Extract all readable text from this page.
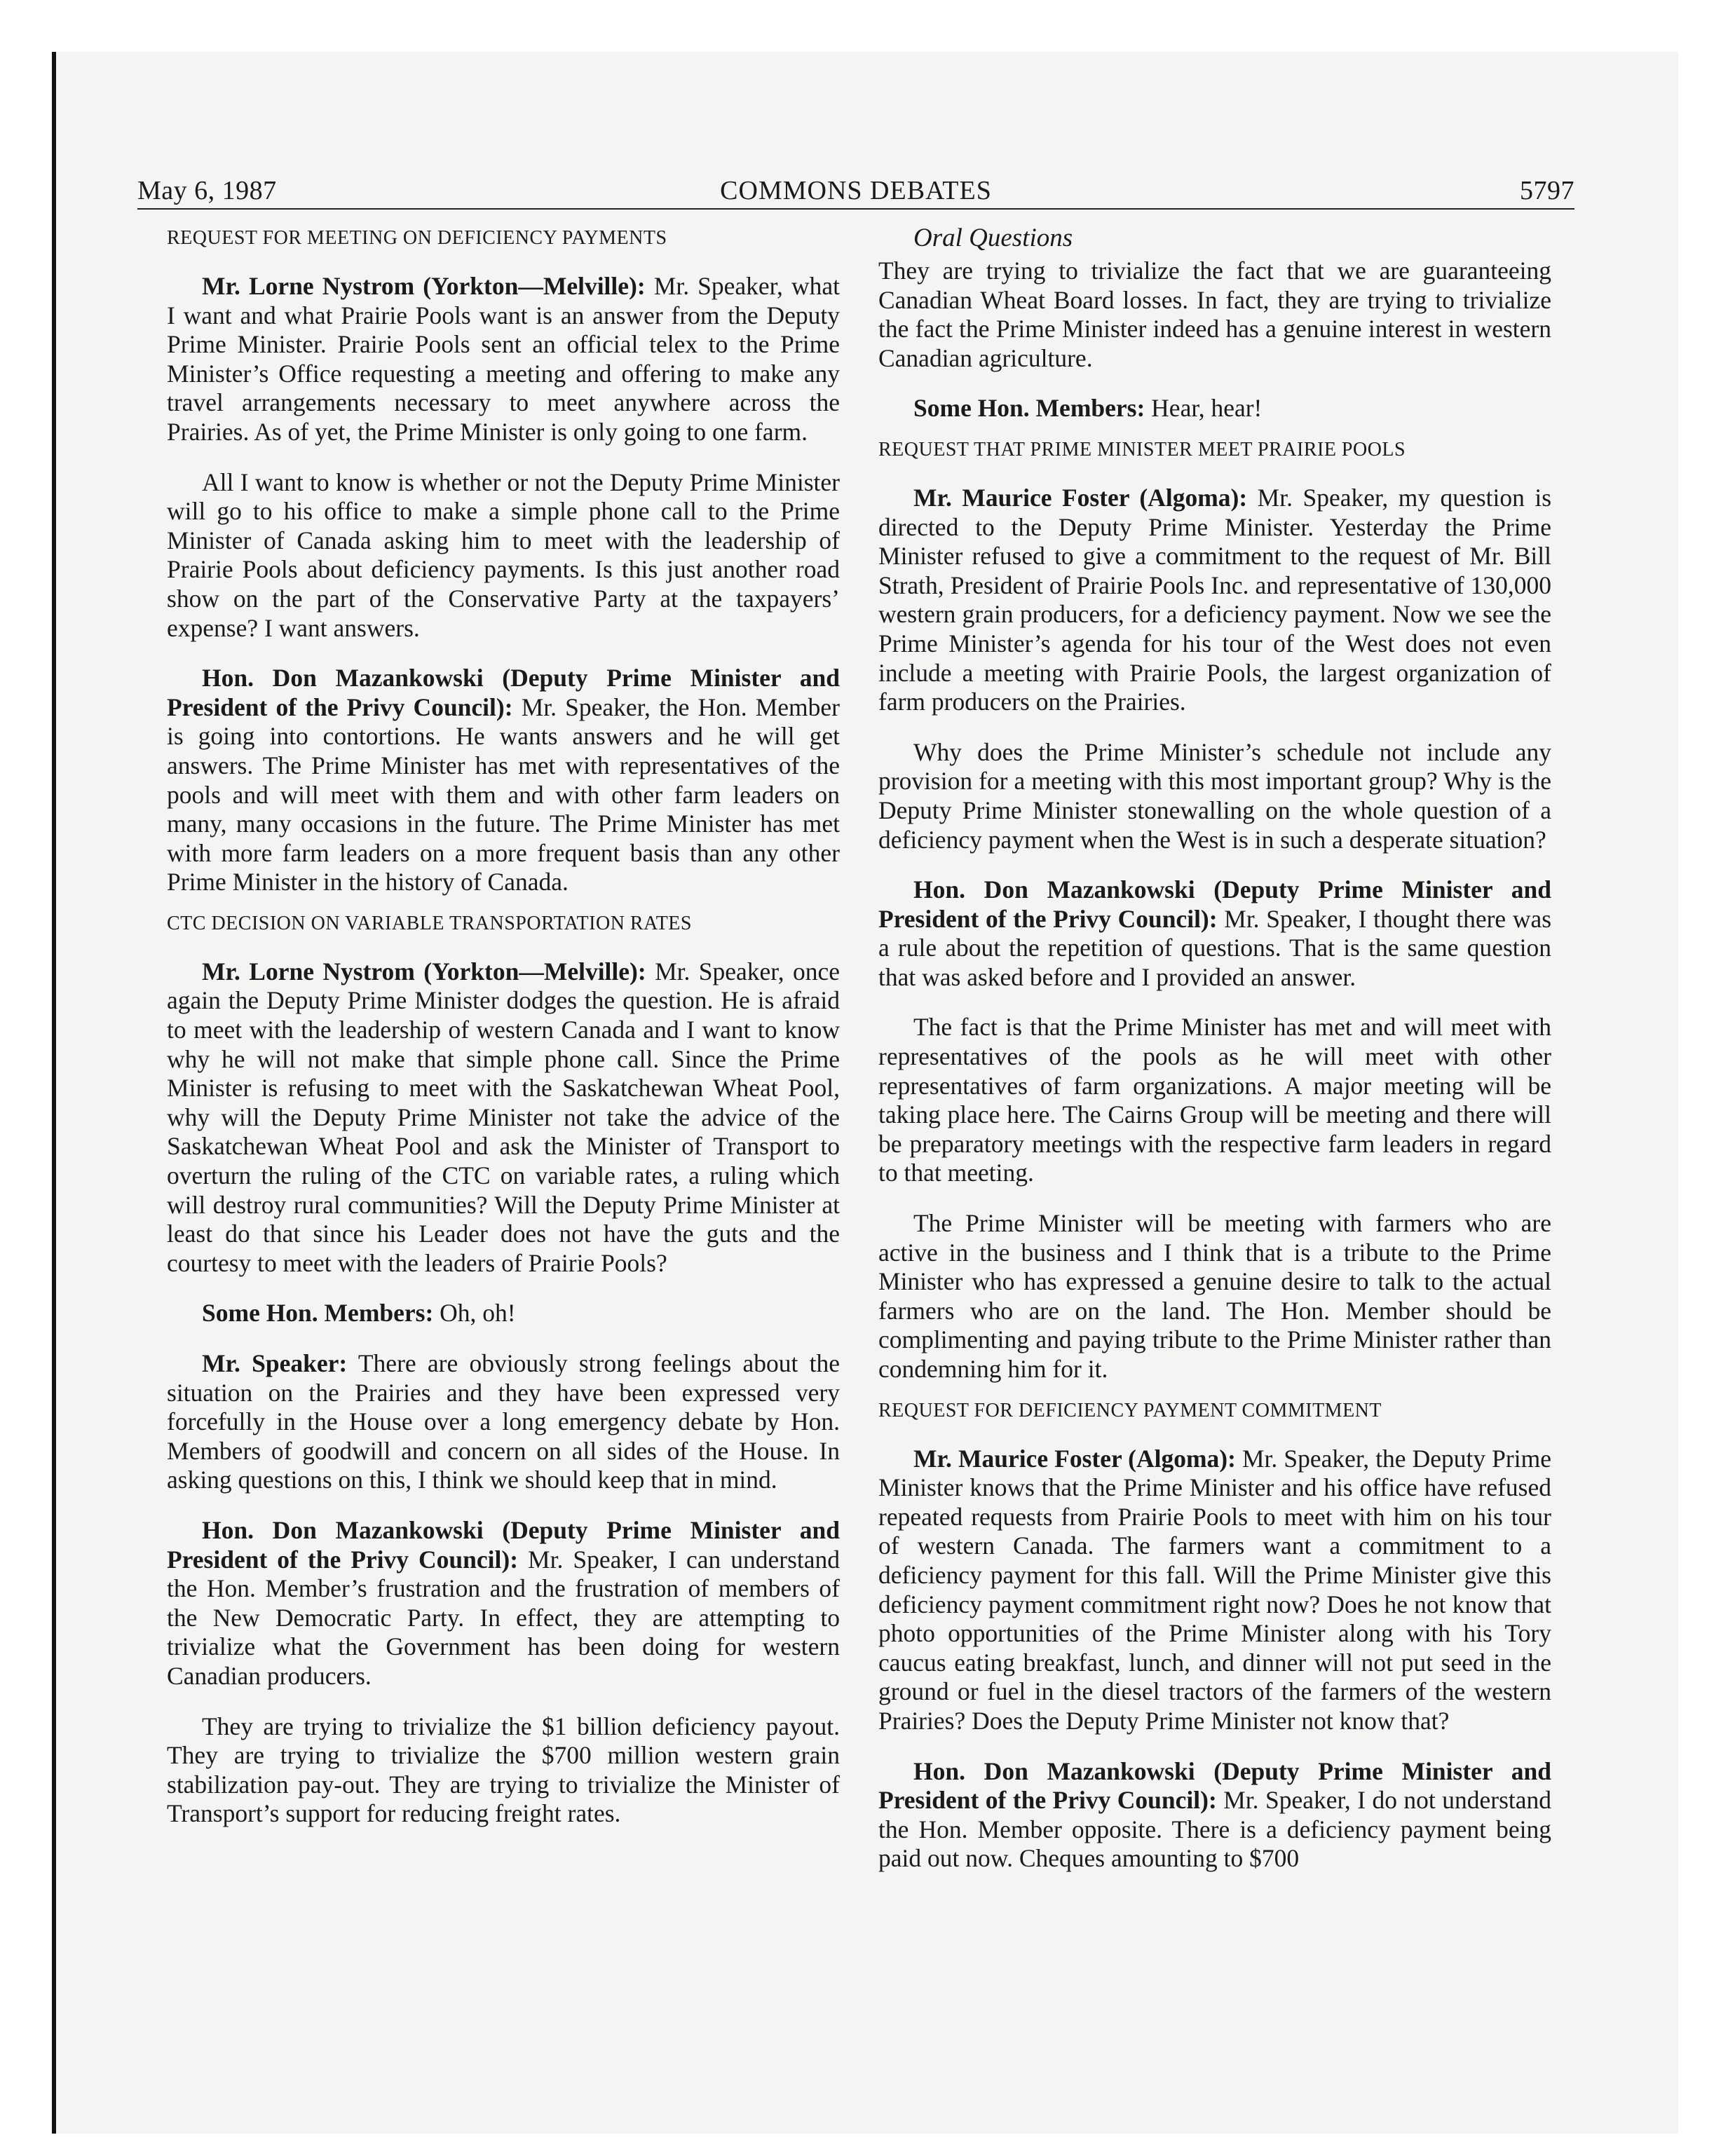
May 6, 1987	COMMONS DEBATES	5797

REQUEST FOR MEETING ON DEFICIENCY PAYMENTS

Mr. Lorne Nystrom (Yorkton—Melville): Mr. Speaker, what I want and what Prairie Pools want is an answer from the Deputy Prime Minister. Prairie Pools sent an official telex to the Prime Minister’s Office requesting a meeting and offering to make any travel arrangements necessary to meet anywhere across the Prairies. As of yet, the Prime Minister is only going to one farm.

All I want to know is whether or not the Deputy Prime Minister will go to his office to make a simple phone call to the Prime Minister of Canada asking him to meet with the leadership of Prairie Pools about deficiency payments. Is this just another road show on the part of the Conservative Party at the taxpayers’ expense? I want answers.

Hon. Don Mazankowski (Deputy Prime Minister and President of the Privy Council): Mr. Speaker, the Hon. Member is going into contortions. He wants answers and he will get answers. The Prime Minister has met with representatives of the pools and will meet with them and with other farm leaders on many, many occasions in the future. The Prime Minister has met with more farm leaders on a more frequent basis than any other Prime Minister in the history of Canada.

CTC DECISION ON VARIABLE TRANSPORTATION RATES

Mr. Lorne Nystrom (Yorkton—Melville): Mr. Speaker, once again the Deputy Prime Minister dodges the question. He is afraid to meet with the leadership of western Canada and I want to know why he will not make that simple phone call. Since the Prime Minister is refusing to meet with the Saskatchewan Wheat Pool, why will the Deputy Prime Minister not take the advice of the Saskatchewan Wheat Pool and ask the Minister of Transport to overturn the ruling of the CTC on variable rates, a ruling which will destroy rural communities? Will the Deputy Prime Minister at least do that since his Leader does not have the guts and the courtesy to meet with the leaders of Prairie Pools?

Some Hon. Members: Oh, oh!

Mr. Speaker: There are obviously strong feelings about the situation on the Prairies and they have been expressed very forcefully in the House over a long emergency debate by Hon. Members of goodwill and concern on all sides of the House. In asking questions on this, I think we should keep that in mind.

Hon. Don Mazankowski (Deputy Prime Minister and President of the Privy Council): Mr. Speaker, I can understand the Hon. Member’s frustration and the frustration of members of the New Democratic Party. In effect, they are attempting to trivialize what the Government has been doing for western Canadian producers.

They are trying to trivialize the $1 billion deficiency payout. They are trying to trivialize the $700 million western grain stabilization pay-out. They are trying to trivialize the Minister of Transport’s support for reducing freight rates.

Oral Questions

They are trying to trivialize the fact that we are guaranteeing Canadian Wheat Board losses. In fact, they are trying to trivialize the fact the Prime Minister indeed has a genuine interest in western Canadian agriculture.

Some Hon. Members: Hear, hear!

REQUEST THAT PRIME MINISTER MEET PRAIRIE POOLS

Mr. Maurice Foster (Algoma): Mr. Speaker, my question is directed to the Deputy Prime Minister. Yesterday the Prime Minister refused to give a commitment to the request of Mr. Bill Strath, President of Prairie Pools Inc. and representative of 130,000 western grain producers, for a deficiency payment. Now we see the Prime Minister’s agenda for his tour of the West does not even include a meeting with Prairie Pools, the largest organization of farm producers on the Prairies.

Why does the Prime Minister’s schedule not include any provision for a meeting with this most important group? Why is the Deputy Prime Minister stonewalling on the whole question of a deficiency payment when the West is in such a desperate situation?

Hon. Don Mazankowski (Deputy Prime Minister and President of the Privy Council): Mr. Speaker, I thought there was a rule about the repetition of questions. That is the same question that was asked before and I provided an answer.

The fact is that the Prime Minister has met and will meet with representatives of the pools as he will meet with other representatives of farm organizations. A major meeting will be taking place here. The Cairns Group will be meeting and there will be preparatory meetings with the respective farm leaders in regard to that meeting.

The Prime Minister will be meeting with farmers who are active in the business and I think that is a tribute to the Prime Minister who has expressed a genuine desire to talk to the actual farmers who are on the land. The Hon. Member should be complimenting and paying tribute to the Prime Minister rather than condemning him for it.

REQUEST FOR DEFICIENCY PAYMENT COMMITMENT

Mr. Maurice Foster (Algoma): Mr. Speaker, the Deputy Prime Minister knows that the Prime Minister and his office have refused repeated requests from Prairie Pools to meet with him on his tour of western Canada. The farmers want a commitment to a deficiency payment for this fall. Will the Prime Minister give this deficiency payment commitment right now? Does he not know that photo opportunities of the Prime Minister along with his Tory caucus eating breakfast, lunch, and dinner will not put seed in the ground or fuel in the diesel tractors of the farmers of the western Prairies? Does the Deputy Prime Minister not know that?

Hon. Don Mazankowski (Deputy Prime Minister and President of the Privy Council): Mr. Speaker, I do not understand the Hon. Member opposite. There is a deficiency payment being paid out now. Cheques amounting to $700
